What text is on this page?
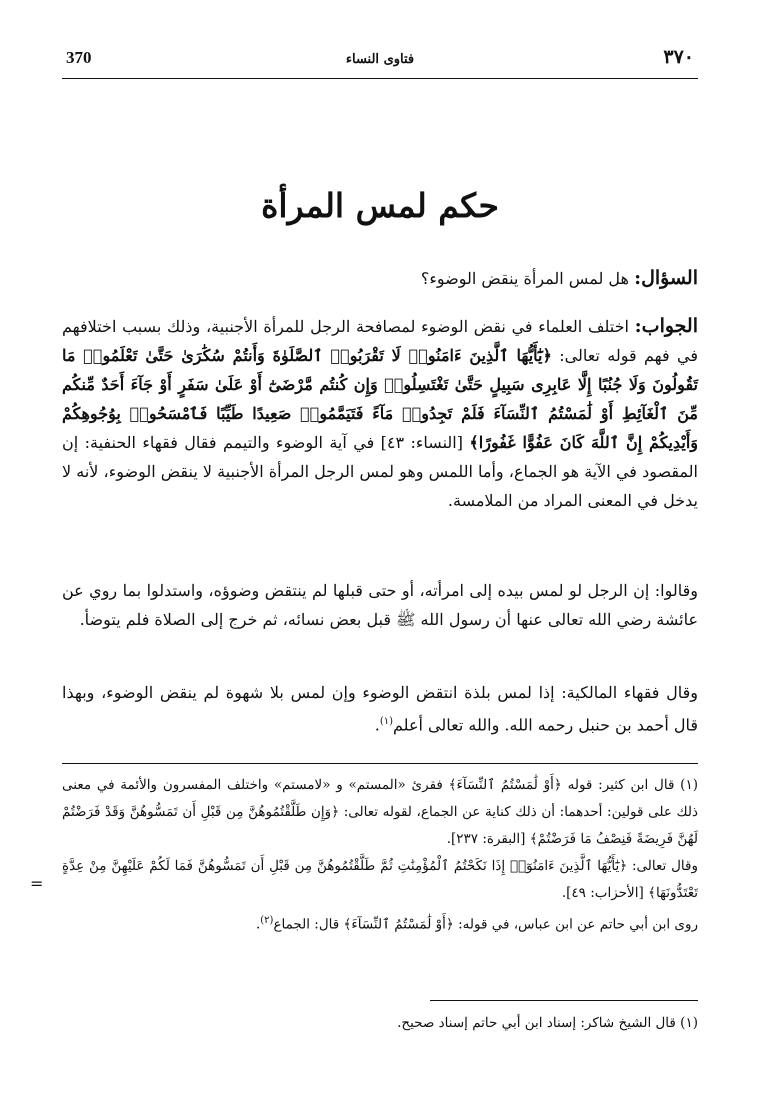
370	فتاوى النساء	٣٧٠
حكم لمس المرأة
السؤال: هل لمس المرأة ينقض الوضوء؟
الجواب: اختلف العلماء في نقض الوضوء لمصافحة الرجل للمرأة الأجنبية، وذلك بسبب اختلافهم في فهم قوله تعالى: ﴿يَٰٓأَيُّهَا ٱلَّذِينَ ءَامَنُوا۟ لَا تَقْرَبُوا۟ ٱلصَّلَوٰةَ وَأَنتُمْ سُكَٰرَىٰ حَتَّىٰ تَعْلَمُوا۟ مَا تَقُولُونَ وَلَا جُنُبًا إِلَّا عَابِرِى سَبِيلٍ حَتَّىٰ تَغْتَسِلُوا۟ وَإِن كُنتُم مَّرْضَىٰٓ أَوْ عَلَىٰ سَفَرٍ أَوْ جَآءَ أَحَدٌ مِّنكُم مِّنَ ٱلْغَآئِطِ أَوْ لَٰمَسْتُمُ ٱلنِّسَآءَ فَلَمْ تَجِدُوا۟ مَآءً فَتَيَمَّمُوا۟ صَعِيدًا طَيِّبًا فَٱمْسَحُوا۟ بِوُجُوهِكُمْ وَأَيْدِيكُمْ إِنَّ ٱللَّهَ كَانَ عَفُوًّا غَفُورًا﴾ [النساء: ٤٣] في آية الوضوء والتيمم فقال فقهاء الحنفية: إن المقصود في الآية هو الجماع، وأما اللمس وهو لمس الرجل المرأة الأجنبية لا ينقض الوضوء، لأنه لا يدخل في المعنى المراد من الملامسة.
وقالوا: إن الرجل لو لمس بيده إلى امرأته، أو حتى قبلها لم ينتقض وضوؤه، واستدلوا بما روي عن عائشة رضي الله تعالى عنها أن رسول الله ﷺ قبل بعض نسائه، ثم خرج إلى الصلاة فلم يتوضأ.
وقال فقهاء المالكية: إذا لمس بلذة انتقض الوضوء وإن لمس بلا شهوة لم ينقض الوضوء، وبهذا قال أحمد بن حنبل رحمه الله. والله تعالى أعلم$^{(١)}$.
(١) قال ابن كثير: قوله ﴿أَوْ لَٰمَسْتُمُ ٱلنِّسَآءَ﴾ فقرئ «المستم» و «لامستم» واختلف المفسرون والأئمة في معنى ذلك على قولين: أحدهما: أن ذلك كناية عن الجماع، لقوله تعالى: ﴿وَإِن طَلَّقْتُمُوهُنَّ مِن قَبْلِ أَن تَمَسُّوهُنَّ وَقَدْ فَرَضْتُمْ لَهُنَّ فَرِيضَةً فَنِصْفُ مَا فَرَضْتُمْ﴾ [البقرة: ٢٣٧].
وقال تعالى: ﴿يَٰٓأَيُّهَا ٱلَّذِينَ ءَامَنُوٓا۟ إِذَا نَكَحْتُمُ ٱلْمُؤْمِنَٰتِ ثُمَّ طَلَّقْتُمُوهُنَّ مِن قَبْلِ أَن تَمَسُّوهُنَّ فَمَا لَكُمْ عَلَيْهِنَّ مِنْ عِدَّةٍ تَعْتَدُّونَهَا﴾ [الأحزاب: ٤٩].
روى ابن أبي حاتم عن ابن عباس، في قوله: ﴿أَوْ لَٰمَسْتُمُ ٱلنِّسَآءَ﴾ قال: الجماع$^{(٢)}$.
=
(١) قال الشيخ شاكر: إسناد ابن أبي حاتم إسناد صحيح.
